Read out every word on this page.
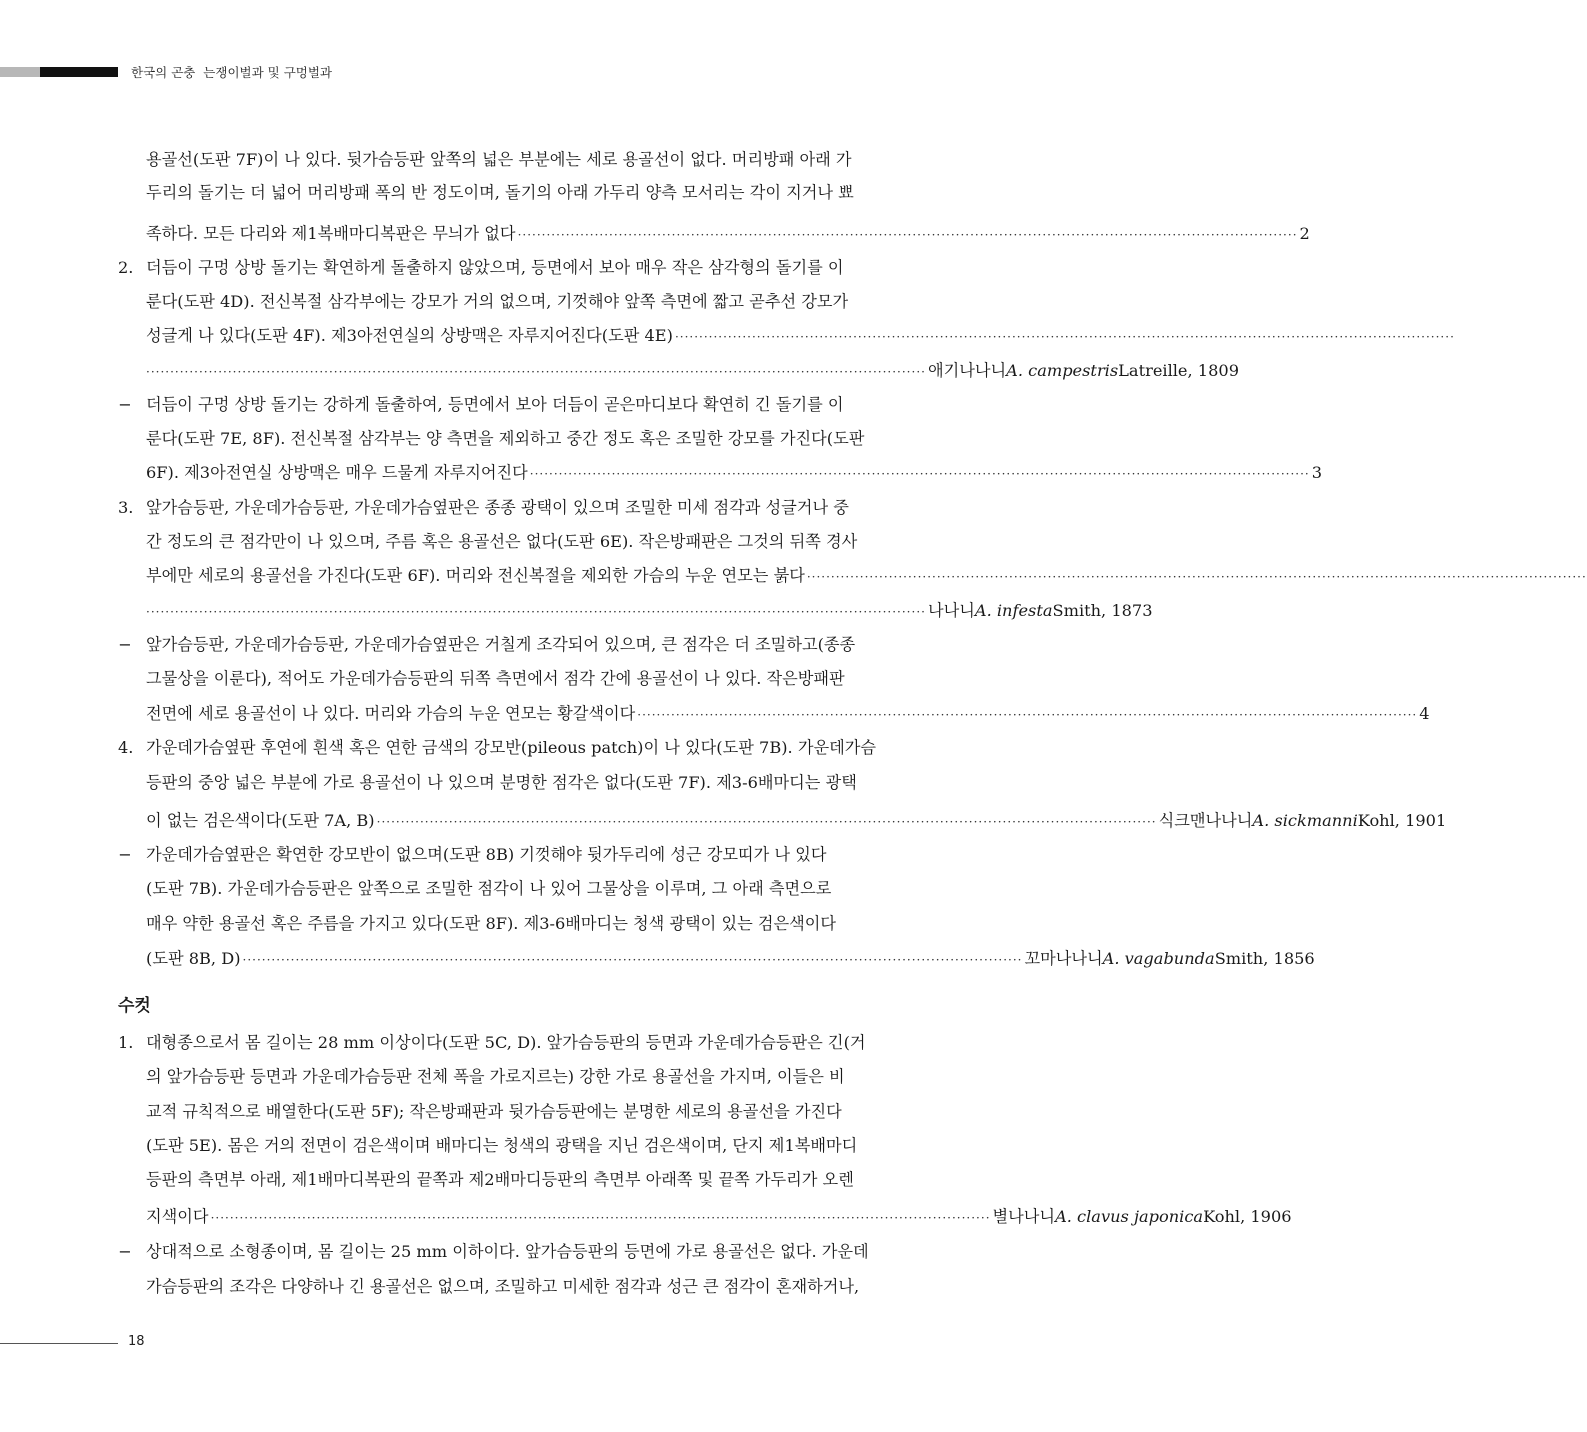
한국의 곤충  는쟁이벌과 및 구멍벌과
용골선(도판 7F)이 나 있다. 뒷가슴등판 앞쪽의 넓은 부분에는 세로 용골선이 없다. 머리방패 아래 가
두리의 돌기는 더 넓어 머리방패 폭의 반 정도이며, 돌기의 아래 가두리 양측 모서리는 각이 지거나 뾰
족하다. 모든 다리와 제1복배마디복판은 무늬가 없다 ·································································································································································· 2
2. 더듬이 구멍 상방 돌기는 확연하게 돌출하지 않았으며, 등면에서 보아 매우 작은 삼각형의 돌기를 이
룬다(도판 4D). 전신복절 삼각부에는 강모가 거의 없으며, 기껏해야 앞쪽 측면에 짧고 곧추선 강모가
성글게 나 있다(도판 4F). 제3아전연실의 상방맥은 자루지어진다(도판 4E) ··································································································································································
·································································································································································· 애기나나니 A. campestris Latreille, 1809
− 더듬이 구멍 상방 돌기는 강하게 돌출하여, 등면에서 보아 더듬이 곧은마디보다 확연히 긴 돌기를 이
룬다(도판 7E, 8F). 전신복절 삼각부는 양 측면을 제외하고 중간 정도 혹은 조밀한 강모를 가진다(도판
6F). 제3아전연실 상방맥은 매우 드물게 자루지어진다 ·································································································································································· 3
3. 앞가슴등판, 가운데가슴등판, 가운데가슴옆판은 종종 광택이 있으며 조밀한 미세 점각과 성글거나 중
간 정도의 큰 점각만이 나 있으며, 주름 혹은 용골선은 없다(도판 6E). 작은방패판은 그것의 뒤쪽 경사
부에만 세로의 용골선을 가진다(도판 6F). 머리와 전신복절을 제외한 가슴의 누운 연모는 붉다 ··································································································································································
·································································································································································· 나나니 A. infesta Smith, 1873
− 앞가슴등판, 가운데가슴등판, 가운데가슴옆판은 거칠게 조각되어 있으며, 큰 점각은 더 조밀하고(종종
그물상을 이룬다), 적어도 가운데가슴등판의 뒤쪽 측면에서 점각 간에 용골선이 나 있다. 작은방패판
전면에 세로 용골선이 나 있다. 머리와 가슴의 누운 연모는 황갈색이다 ·································································································································································· 4
4. 가운데가슴옆판 후연에 흰색 혹은 연한 금색의 강모반(pileous patch)이 나 있다(도판 7B). 가운데가슴
등판의 중앙 넓은 부분에 가로 용골선이 나 있으며 분명한 점각은 없다(도판 7F). 제3-6배마디는 광택
이 없는 검은색이다(도판 7A, B) ·································································································································································· 식크맨나나니 A. sickmanni Kohl, 1901
− 가운데가슴옆판은 확연한 강모반이 없으며(도판 8B) 기껏해야 뒷가두리에 성근 강모띠가 나 있다
(도판 7B). 가운데가슴등판은 앞쪽으로 조밀한 점각이 나 있어 그물상을 이루며, 그 아래 측면으로
매우 약한 용골선 혹은 주름을 가지고 있다(도판 8F). 제3-6배마디는 청색 광택이 있는 검은색이다
(도판 8B, D) ·································································································································································· 꼬마나나니 A. vagabunda Smith, 1856
수컷
1. 대형종으로서 몸 길이는 28 mm 이상이다(도판 5C, D). 앞가슴등판의 등면과 가운데가슴등판은 긴(거
의 앞가슴등판 등면과 가운데가슴등판 전체 폭을 가로지르는) 강한 가로 용골선을 가지며, 이들은 비
교적 규칙적으로 배열한다(도판 5F); 작은방패판과 뒷가슴등판에는 분명한 세로의 용골선을 가진다
(도판 5E). 몸은 거의 전면이 검은색이며 배마디는 청색의 광택을 지닌 검은색이며, 단지 제1복배마디
등판의 측면부 아래, 제1배마디복판의 끝쪽과 제2배마디등판의 측면부 아래쪽 및 끝쪽 가두리가 오렌
지색이다 ·································································································································································· 별나나니 A. clavus japonica Kohl, 1906
− 상대적으로 소형종이며, 몸 길이는 25 mm 이하이다. 앞가슴등판의 등면에 가로 용골선은 없다. 가운데
가슴등판의 조각은 다양하나 긴 용골선은 없으며, 조밀하고 미세한 점각과 성근 큰 점각이 혼재하거나,
18
